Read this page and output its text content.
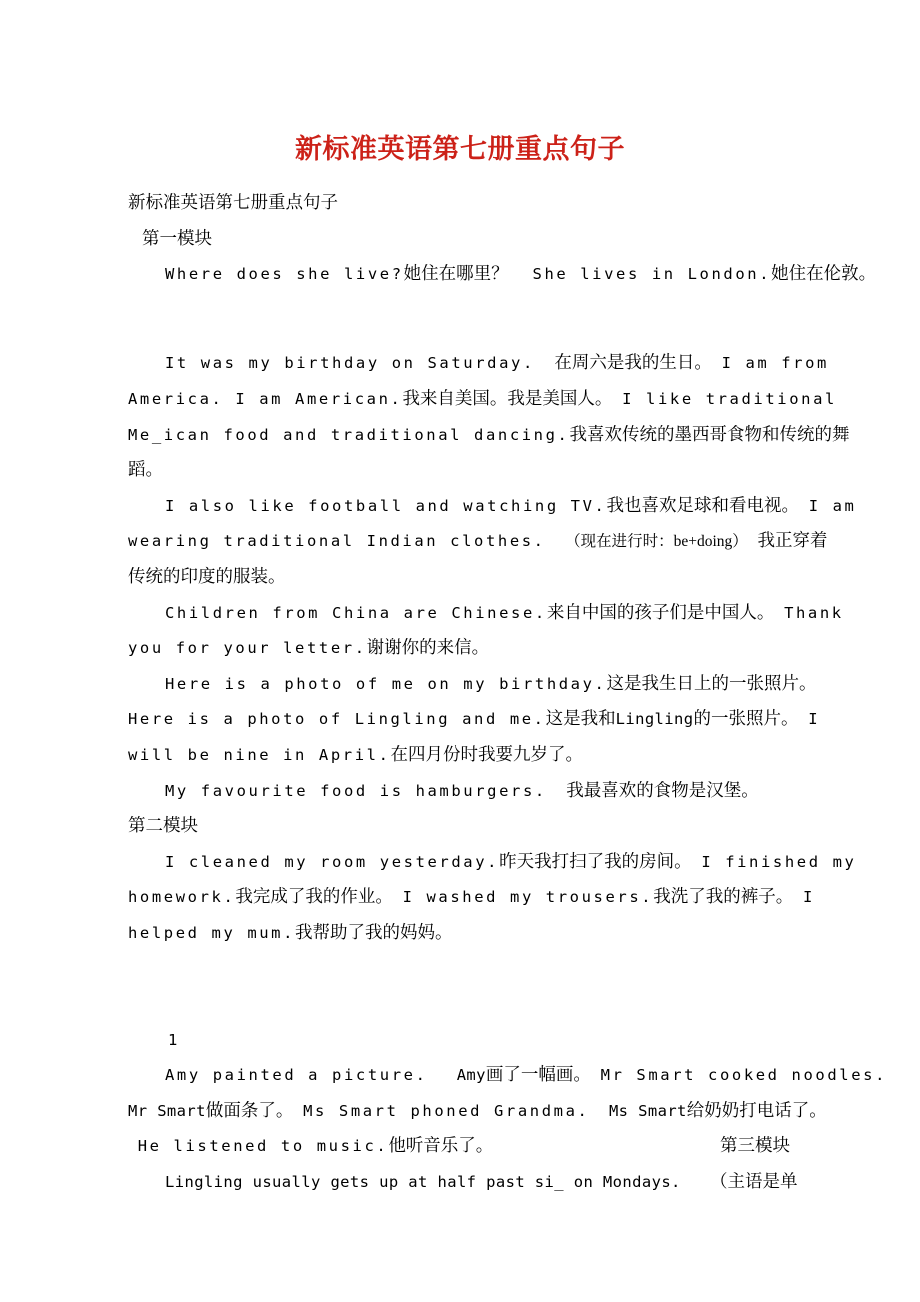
新标准英语第七册重点句子
新标准英语第七册重点句子
第一模块
Where does she live?她住在哪里？ She lives in London.她住在伦敦。
It was my birthday on Saturday. 在周六是我的生日。 I am from
America. I am American.我来自美国。我是美国人。 I like traditional
Me_ican food and traditional dancing.我喜欢传统的墨西哥食物和传统的舞
蹈。
I also like football and watching TV.我也喜欢足球和看电视。 I am
wearing traditional Indian clothes. （现在进行时：be+doing） 我正穿着
传统的印度的服装。
Children from China are Chinese.来自中国的孩子们是中国人。 Thank
you for your letter.谢谢你的来信。
Here is a photo of me on my birthday.这是我生日上的一张照片。
Here is a photo of Lingling and me.这是我和Lingling的一张照片。 I
will be nine in April.在四月份时我要九岁了。
My favourite food is hamburgers. 我最喜欢的食物是汉堡。
第二模块
I cleaned my room yesterday.昨天我打扫了我的房间。 I finished my
homework.我完成了我的作业。 I washed my trousers.我洗了我的裤子。 I
helped my mum.我帮助了我的妈妈。
1
Amy painted a picture. Amy画了一幅画。 Mr Smart cooked noodles.
Mr Smart做面条了。 Ms Smart phoned Grandma. Ms Smart给奶奶打电话了。
He listened to music.他听音乐了。	第三模块
Lingling usually gets up at half past si_ on Mondays. （主语是单
